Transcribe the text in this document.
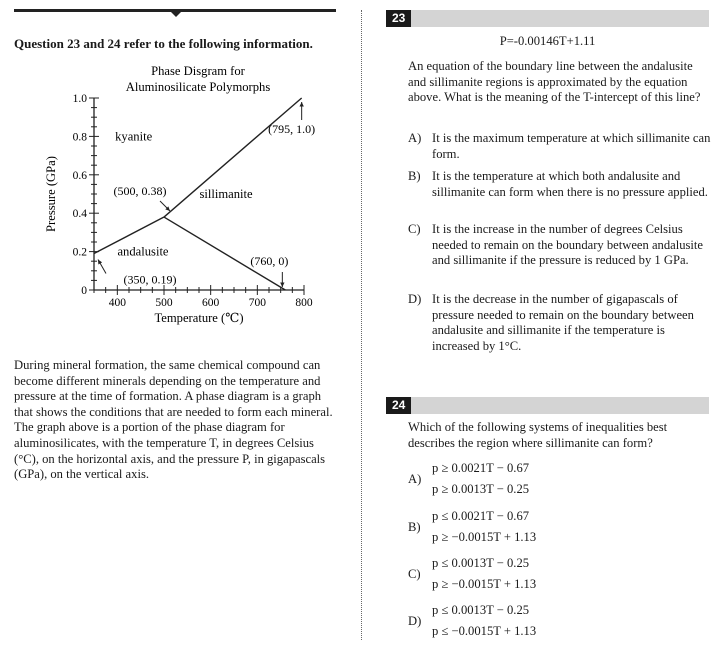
Question 23 and 24 refer to the following information.
Phase Disgram for
Aluminosilicate Polymorphs
0
0.2
0.4
0.6
0.8
1.0
400	500	600	700	800
Temperature (℃)
Pressure (GPa)
kyanite
sillimanite
andalusite
(795, 1.0)
(500, 0.38)
(350, 0.19)
(760, 0)
During mineral formation, the same chemical compound can become different minerals depending on the temperature and pressure at the time of formation. A phase diagram is a graph that shows the conditions that are needed to form each mineral. The graph above is a portion of the phase diagram for aluminosilicates, with the temperature T, in degrees Celsius (°C), on the horizontal axis, and the pressure P, in gigapascals (GPa), on the vertical axis.
23
P=-0.00146T+1.11
An equation of the boundary line between the andalusite and sillimanite regions is approximated by the equation above. What is the meaning of the T-intercept of this line?
A) It is the maximum temperature at which sillimanite can form.
B) It is the temperature at which both andalusite and sillimanite can form when there is no pressure applied.
C) It is the increase in the number of degrees Celsius needed to remain on the boundary between andalusite and sillimanite if the pressure is reduced by 1 GPa.
D) It is the decrease in the number of gigapascals of pressure needed to remain on the boundary between andalusite and sillimanite if the temperature is increased by 1°C.
24
Which of the following systems of inequalities best describes the region where sillimanite can form?
A)
p ≥ 0.0021T − 0.67
p ≥ 0.0013T − 0.25
B)
p ≤ 0.0021T − 0.67
p ≥ −0.0015T + 1.13
C)
p ≤ 0.0013T − 0.25
p ≥ −0.0015T + 1.13
D)
p ≤ 0.0013T − 0.25
p ≤ −0.0015T + 1.13
